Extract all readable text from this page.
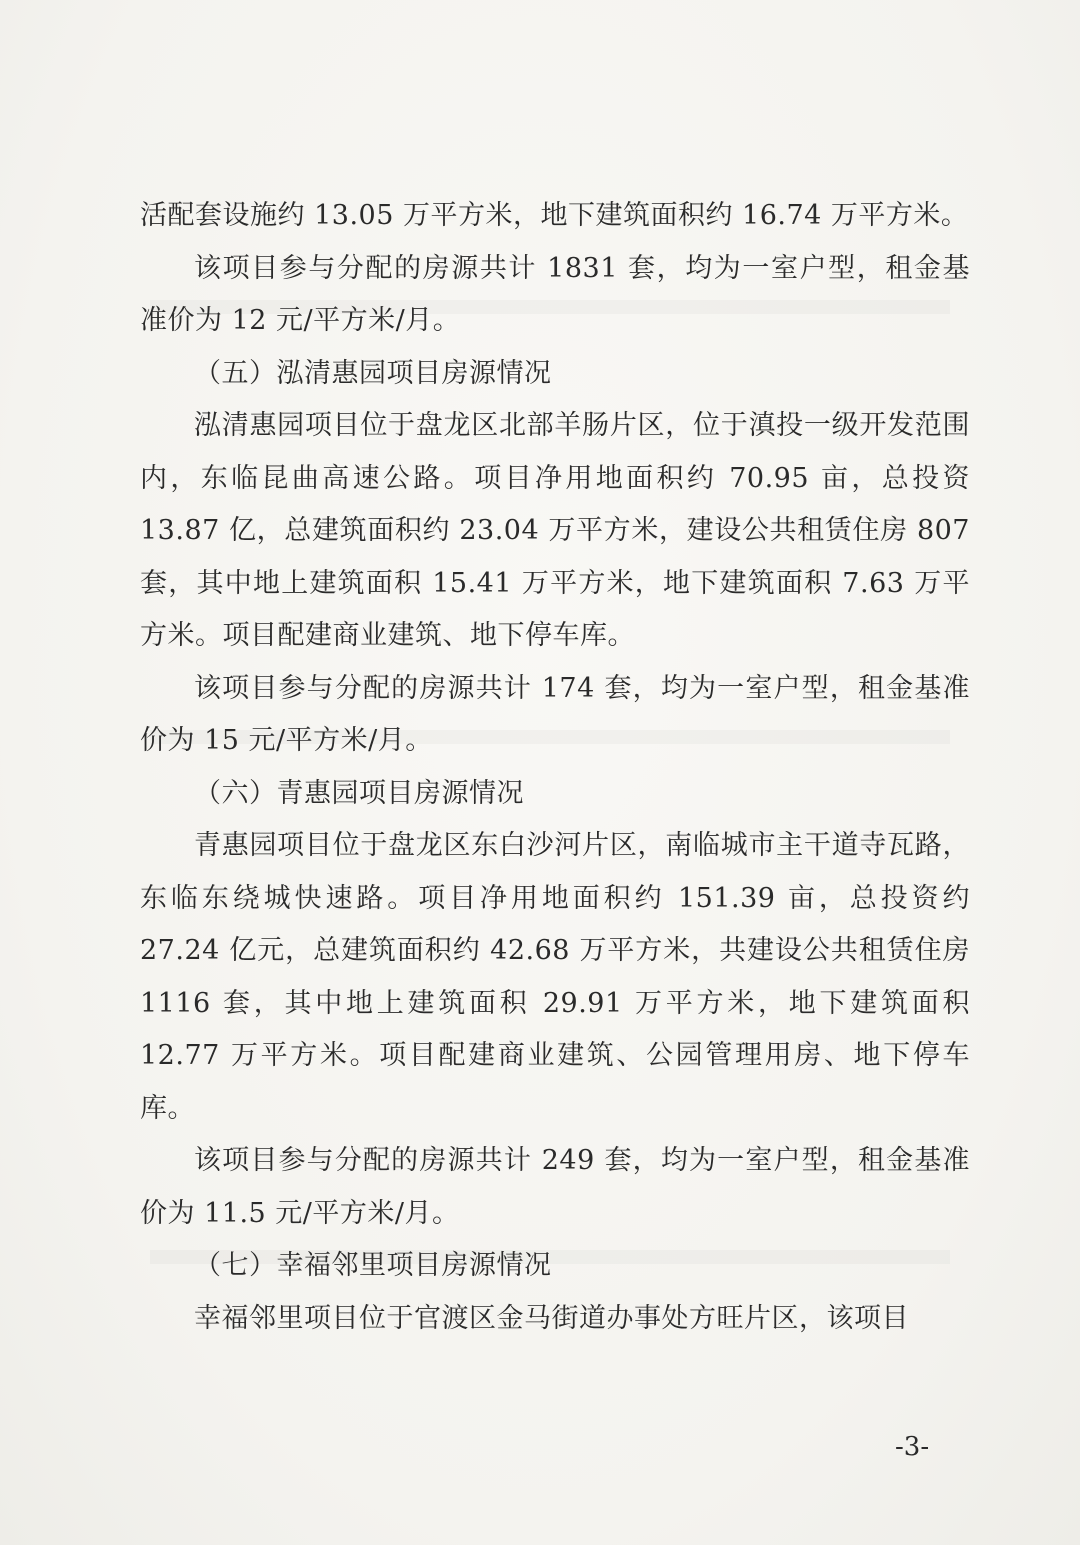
活配套设施约 13.05 万平方米，地下建筑面积约 16.74 万平方米。

该项目参与分配的房源共计 1831 套，均为一室户型，租金基准价为 12 元/平方米/月。

（五）泓清惠园项目房源情况

泓清惠园项目位于盘龙区北部羊肠片区，位于滇投一级开发范围内，东临昆曲高速公路。项目净用地面积约 70.95 亩，总投资 13.87 亿，总建筑面积约 23.04 万平方米，建设公共租赁住房 807 套，其中地上建筑面积 15.41 万平方米，地下建筑面积 7.63 万平方米。项目配建商业建筑、地下停车库。

该项目参与分配的房源共计 174 套，均为一室户型，租金基准价为 15 元/平方米/月。

（六）青惠园项目房源情况

青惠园项目位于盘龙区东白沙河片区，南临城市主干道寺瓦路，东临东绕城快速路。项目净用地面积约 151.39 亩，总投资约 27.24 亿元，总建筑面积约 42.68 万平方米，共建设公共租赁住房 1116 套，其中地上建筑面积 29.91 万平方米，地下建筑面积 12.77 万平方米。项目配建商业建筑、公园管理用房、地下停车库。

该项目参与分配的房源共计 249 套，均为一室户型，租金基准价为 11.5 元/平方米/月。

（七）幸福邻里项目房源情况

幸福邻里项目位于官渡区金马街道办事处方旺片区，该项目

-3-
